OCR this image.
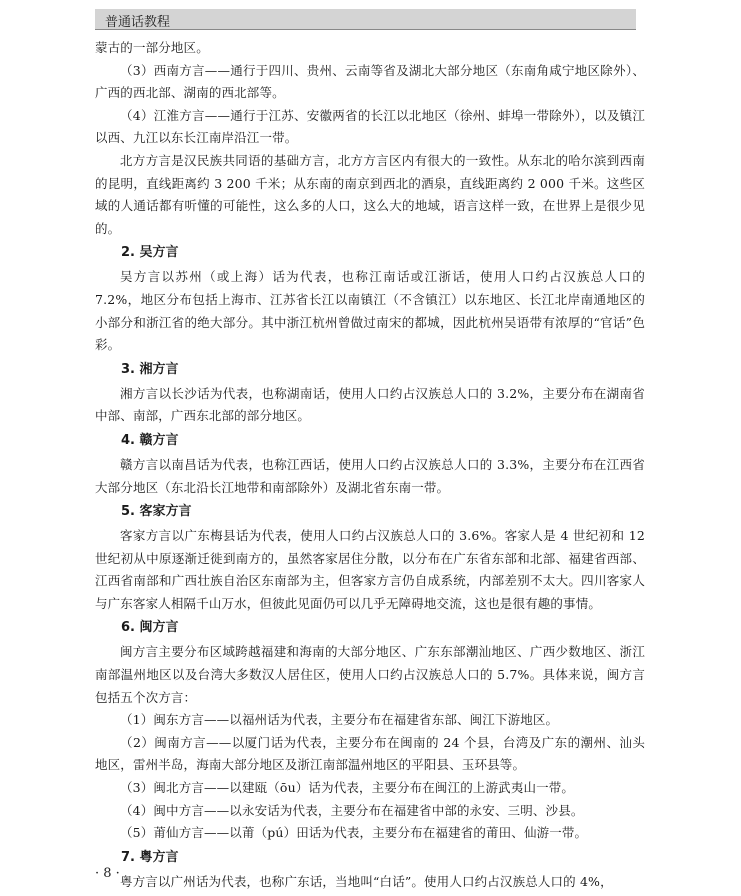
普通话教程

蒙古的一部分地区。

（3）西南方言——通行于四川、贵州、云南等省及湖北大部分地区（东南角咸宁地区除外）、广西的西北部、湖南的西北部等。

（4）江淮方言——通行于江苏、安徽两省的长江以北地区（徐州、蚌埠一带除外），以及镇江以西、九江以东长江南岸沿江一带。

北方方言是汉民族共同语的基础方言，北方方言区内有很大的一致性。从东北的哈尔滨到西南的昆明，直线距离约 3 200 千米；从东南的南京到西北的酒泉，直线距离约 2 000 千米。这些区域的人通话都有听懂的可能性，这么多的人口，这么大的地域，语言这样一致，在世界上是很少见的。

2. 吴方言

吴方言以苏州（或上海）话为代表，也称江南话或江浙话，使用人口约占汉族总人口的 7.2%，地区分布包括上海市、江苏省长江以南镇江（不含镇江）以东地区、长江北岸南通地区的小部分和浙江省的绝大部分。其中浙江杭州曾做过南宋的都城，因此杭州吴语带有浓厚的“官话”色彩。

3. 湘方言

湘方言以长沙话为代表，也称湖南话，使用人口约占汉族总人口的 3.2%，主要分布在湖南省中部、南部，广西东北部的部分地区。

4. 赣方言

赣方言以南昌话为代表，也称江西话，使用人口约占汉族总人口的 3.3%，主要分布在江西省大部分地区（东北沿长江地带和南部除外）及湖北省东南一带。

5. 客家方言

客家方言以广东梅县话为代表，使用人口约占汉族总人口的 3.6%。客家人是 4 世纪初和 12 世纪初从中原逐渐迁徙到南方的，虽然客家居住分散，以分布在广东省东部和北部、福建省西部、江西省南部和广西壮族自治区东南部为主，但客家方言仍自成系统，内部差别不太大。四川客家人与广东客家人相隔千山万水，但彼此见面仍可以几乎无障碍地交流，这也是很有趣的事情。

6. 闽方言

闽方言主要分布区域跨越福建和海南的大部分地区、广东东部潮汕地区、广西少数地区、浙江南部温州地区以及台湾大多数汉人居住区，使用人口约占汉族总人口的 5.7%。具体来说，闽方言包括五个次方言：

（1）闽东方言——以福州话为代表，主要分布在福建省东部、闽江下游地区。

（2）闽南方言——以厦门话为代表，主要分布在闽南的 24 个县，台湾及广东的潮州、汕头地区，雷州半岛，海南大部分地区及浙江南部温州地区的平阳县、玉环县等。

（3）闽北方言——以建瓯（ōu）话为代表，主要分布在闽江的上游武夷山一带。

（4）闽中方言——以永安话为代表，主要分布在福建省中部的永安、三明、沙县。

（5）莆仙方言——以莆（pú）田话为代表，主要分布在福建省的莆田、仙游一带。

7. 粤方言

粤方言以广州话为代表，也称广东话，当地叫“白话”。使用人口约占汉族总人口的 4%，

· 8 ·
